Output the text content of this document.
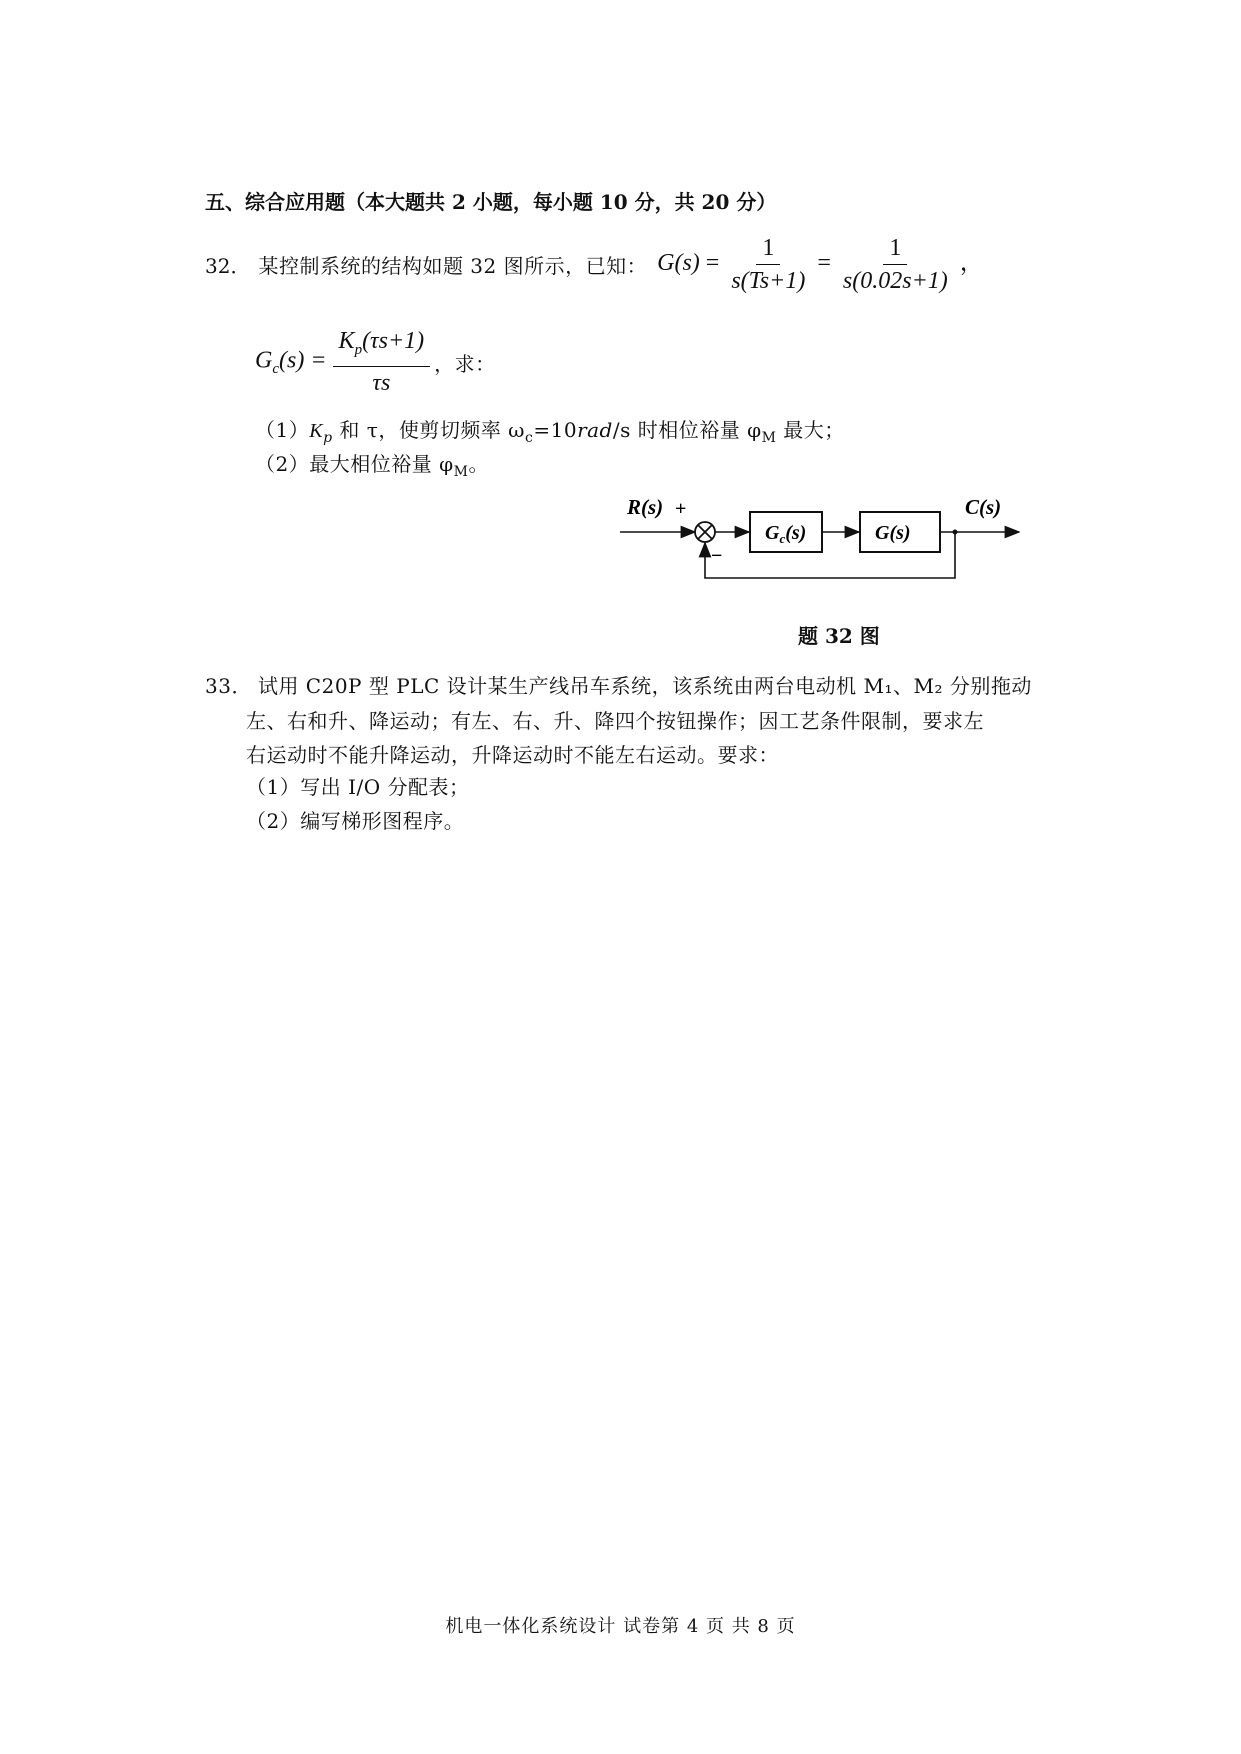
五、综合应用题（本大题共 2 小题，每小题 10 分，共 20 分）
32． 某控制系统的结构如题 32 图所示，已知： $G(s) = \frac{1}{s(Ts+1)} = \frac{1}{s(0.02s+1)}$ ，
$G_c(s) = \frac{K_p(\tau s+1)}{\tau s}$ ，求：
$(1)K_p$ 和 τ，使剪切频率 $\omega_c=10rad/s$ 时相位裕量 $\varphi_M$ 最大；
（2）最大相位裕量 $\varphi_M$。
R(s) +
−
$G_c(s)$	G(s)
C(s)
题 32 图
33． 试用 C20P 型 PLC 设计某生产线吊车系统，该系统由两台电动机 M₁、M₂ 分别拖动
左、右和升、降运动；有左、右、升、降四个按钮操作；因工艺条件限制，要求左
右运动时不能升降运动，升降运动时不能左右运动。要求：
（1）写出 I/O 分配表；
（2）编写梯形图程序。
机电一体化系统设计 试卷第 4 页 共 8 页
